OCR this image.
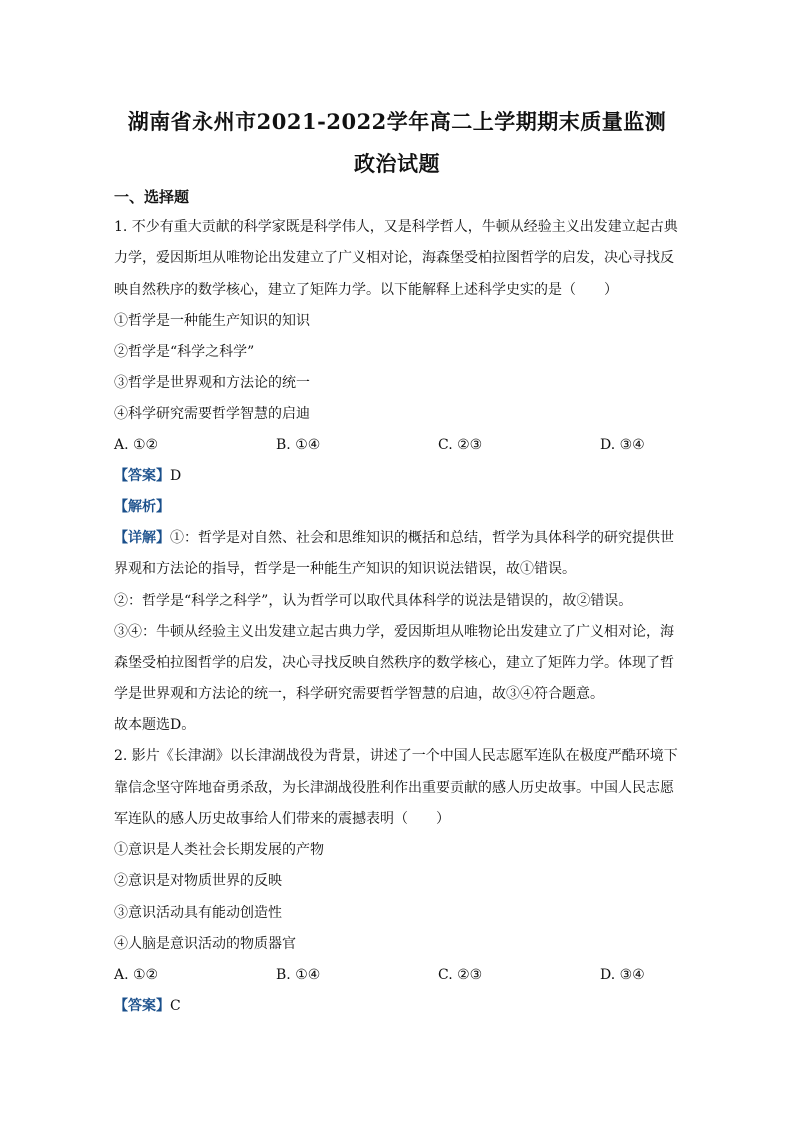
湖南省永州市2021-2022学年高二上学期期末质量监测
政治试题
一、选择题
1. 不少有重大贡献的科学家既是科学伟人，又是科学哲人，牛顿从经验主义出发建立起古典
力学，爱因斯坦从唯物论出发建立了广义相对论，海森堡受柏拉图哲学的启发，决心寻找反
映自然秩序的数学核心，建立了矩阵力学。以下能解释上述科学史实的是（　　）
①哲学是一种能生产知识的知识
②哲学是“科学之科学”
③哲学是世界观和方法论的统一
④科学研究需要哲学智慧的启迪
A. ①②	B. ①④	C. ②③	D. ③④
【答案】D
【解析】
【详解】①：哲学是对自然、社会和思维知识的概括和总结，哲学为具体科学的研究提供世
界观和方法论的指导，哲学是一种能生产知识的知识说法错误，故①错误。
②：哲学是“科学之科学”，认为哲学可以取代具体科学的说法是错误的，故②错误。
③④：牛顿从经验主义出发建立起古典力学，爱因斯坦从唯物论出发建立了广义相对论，海
森堡受柏拉图哲学的启发，决心寻找反映自然秩序的数学核心，建立了矩阵力学。体现了哲
学是世界观和方法论的统一，科学研究需要哲学智慧的启迪，故③④符合题意。
故本题选D。
2. 影片《长津湖》以长津湖战役为背景，讲述了一个中国人民志愿军连队在极度严酷环境下
靠信念坚守阵地奋勇杀敌，为长津湖战役胜利作出重要贡献的感人历史故事。中国人民志愿
军连队的感人历史故事给人们带来的震撼表明（　　）
①意识是人类社会长期发展的产物
②意识是对物质世界的反映
③意识活动具有能动创造性
④人脑是意识活动的物质器官
A. ①②	B. ①④	C. ②③	D. ③④
【答案】C
